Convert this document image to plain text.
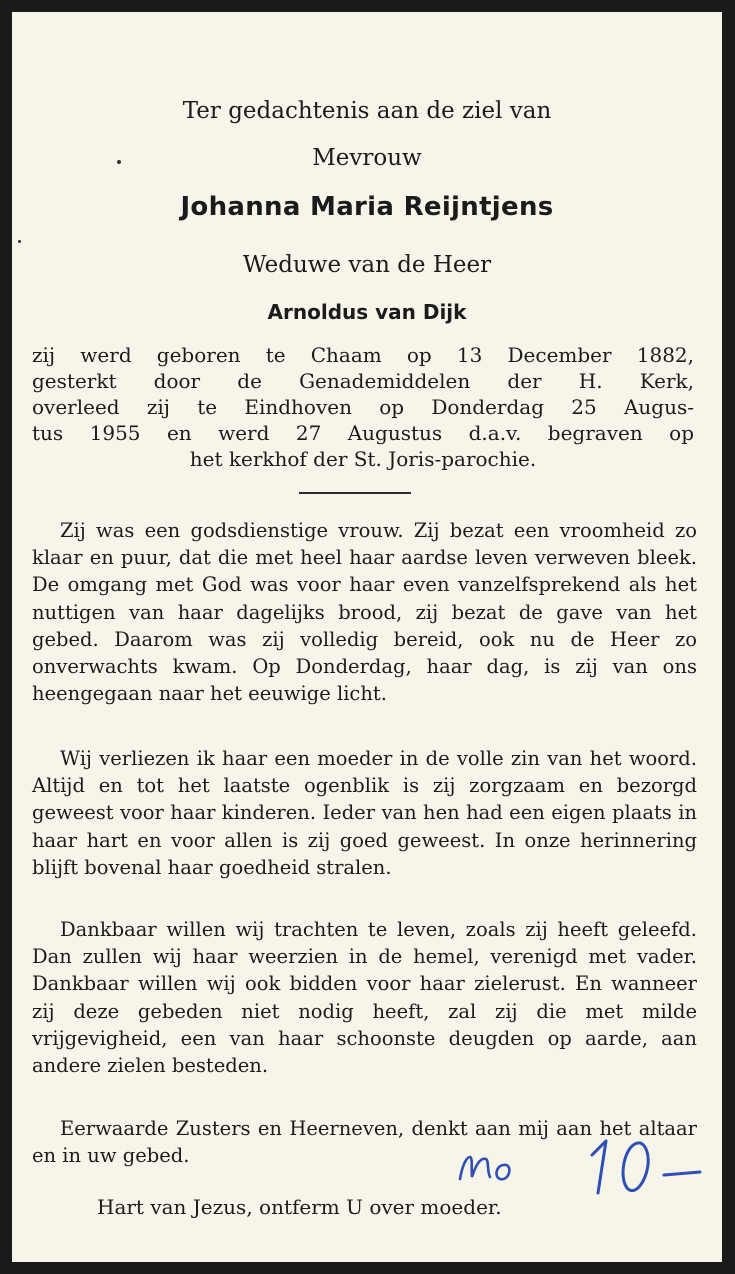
Ter gedachtenis aan de ziel van
Mevrouw
Johanna Maria Reijntjens
Weduwe van de Heer
Arnoldus van Dijk
zij werd geboren te Chaam op 13 December 1882,
gesterkt door de Genademiddelen der H. Kerk,
overleed zij te Eindhoven op Donderdag 25 Augus-
tus 1955 en werd 27 Augustus d.a.v. begraven op
het kerkhof der St. Joris-parochie.
Zij was een godsdienstige vrouw. Zij bezat een vroomheid zo klaar en puur, dat die met heel haar aardse leven verweven bleek. De omgang met God was voor haar even vanzelfsprekend als het nuttigen van haar dagelijks brood, zij bezat de gave van het gebed. Daarom was zij volledig bereid, ook nu de Heer zo onverwachts kwam. Op Donderdag, haar dag, is zij van ons heengegaan naar het eeuwige licht.
Wij verliezen ik haar een moeder in de volle zin van het woord. Altijd en tot het laatste ogenblik is zij zorgzaam en bezorgd geweest voor haar kinderen. Ieder van hen had een eigen plaats in haar hart en voor allen is zij goed geweest. In onze herinnering blijft bovenal haar goedheid stralen.
Dankbaar willen wij trachten te leven, zoals zij heeft geleefd. Dan zullen wij haar weerzien in de hemel, verenigd met vader. Dankbaar willen wij ook bidden voor haar zielerust. En wanneer zij deze gebeden niet nodig heeft, zal zij die met milde vrijgevigheid, een van haar schoonste deugden op aarde, aan andere zielen besteden.
Eerwaarde Zusters en Heerneven, denkt aan mij aan het altaar en in uw gebed.
Hart van Jezus, ontferm U over moeder.
